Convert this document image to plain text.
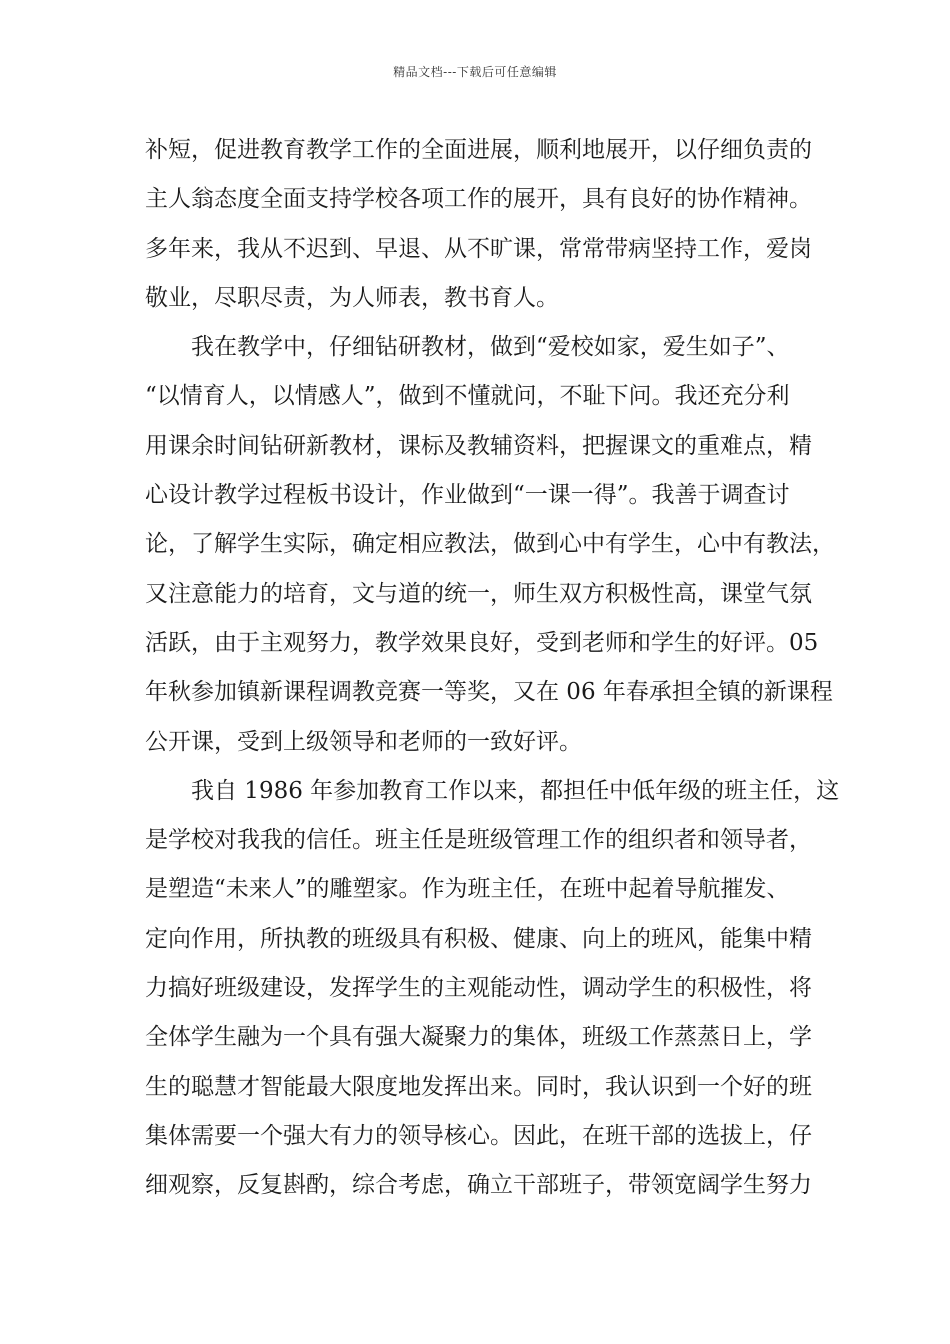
精品文档---下载后可任意编辑
补短，促进教育教学工作的全面进展，顺利地展开，以仔细负责的
主人翁态度全面支持学校各项工作的展开，具有良好的协作精神。
多年来，我从不迟到、早退、从不旷课，常常带病坚持工作，爱岗
敬业，尽职尽责，为人师表，教书育人。
我在教学中，仔细钻研教材，做到“爱校如家，爱生如子”、
“以情育人，以情感人”，做到不懂就问，不耻下问。我还充分利
用课余时间钻研新教材，课标及教辅资料，把握课文的重难点，精
心设计教学过程板书设计，作业做到“一课一得”。我善于调查讨
论，了解学生实际，确定相应教法，做到心中有学生，心中有教法，
又注意能力的培育，文与道的统一，师生双方积极性高，课堂气氛
活跃，由于主观努力，教学效果良好，受到老师和学生的好评。05
年秋参加镇新课程调教竞赛一等奖，又在 06 年春承担全镇的新课程
公开课，受到上级领导和老师的一致好评。
我自 1986 年参加教育工作以来，都担任中低年级的班主任，这
是学校对我我的信任。班主任是班级管理工作的组织者和领导者，
是塑造“未来人”的雕塑家。作为班主任，在班中起着导航摧发、
定向作用，所执教的班级具有积极、健康、向上的班风，能集中精
力搞好班级建设，发挥学生的主观能动性，调动学生的积极性，将
全体学生融为一个具有强大凝聚力的集体，班级工作蒸蒸日上，学
生的聪慧才智能最大限度地发挥出来。同时，我认识到一个好的班
集体需要一个强大有力的领导核心。因此，在班干部的选拔上，仔
细观察，反复斟酌，综合考虑，确立干部班子，带领宽阔学生努力
